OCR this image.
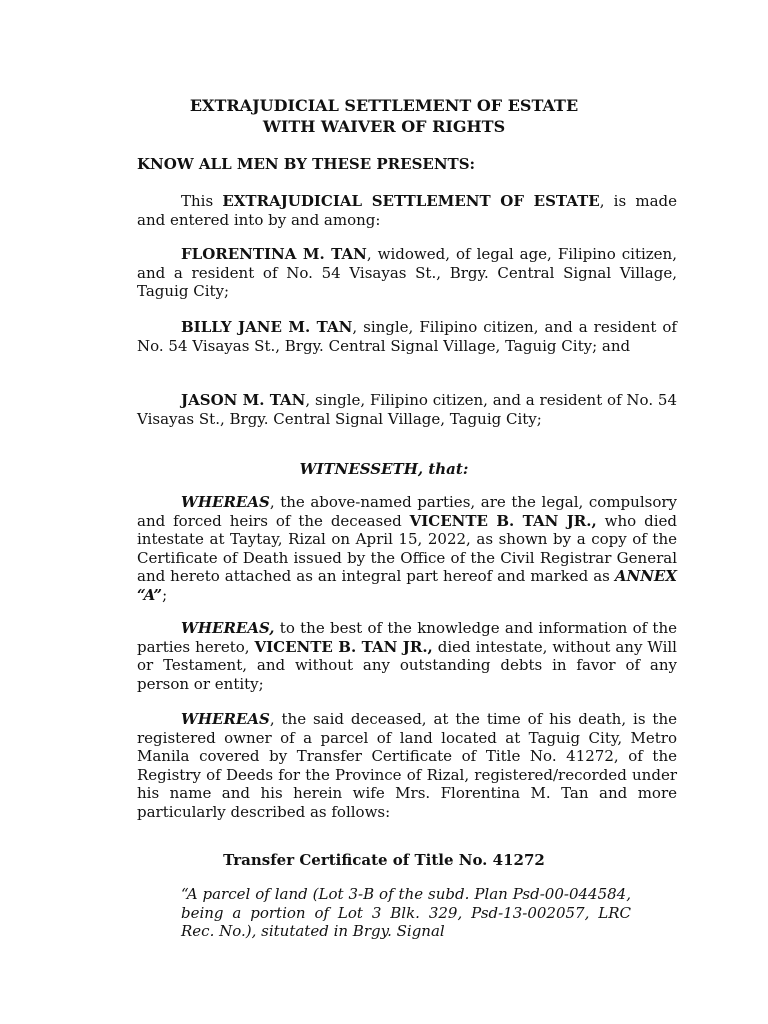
EXTRAJUDICIAL SETTLEMENT OF ESTATE
WITH WAIVER OF RIGHTS
KNOW ALL MEN BY THESE PRESENTS:
This EXTRAJUDICIAL SETTLEMENT OF ESTATE, is made and entered into by and among:
FLORENTINA M. TAN, widowed, of legal age, Filipino citizen, and a resident of No. 54 Visayas St., Brgy. Central Signal Village, Taguig City;
BILLY JANE M. TAN, single, Filipino citizen, and a resident of No. 54 Visayas St., Brgy. Central Signal Village, Taguig City; and
JASON M. TAN, single, Filipino citizen, and a resident of No. 54 Visayas St., Brgy. Central Signal Village, Taguig City;
WITNESSETH, that:
WHEREAS, the above-named parties, are the legal, compulsory and forced heirs of the deceased VICENTE B. TAN JR., who died intestate at Taytay, Rizal on April 15, 2022, as shown by a copy of the Certificate of Death issued by the Office of the Civil Registrar General and hereto attached as an integral part hereof and marked as ANNEX “A”;
WHEREAS, to the best of the knowledge and information of the parties hereto, VICENTE B. TAN JR., died intestate, without any Will or Testament, and without any outstanding debts in favor of any person or entity;
WHEREAS, the said deceased, at the time of his death, is the registered owner of a parcel of land located at Taguig City, Metro Manila covered by Transfer Certificate of Title No. 41272, of the Registry of Deeds for the Province of Rizal, registered/recorded under his name and his herein wife Mrs. Florentina M. Tan and more particularly described as follows:
Transfer Certificate of Title No. 41272
“A parcel of land (Lot 3-B of the subd. Plan Psd-00-044584, being a portion of Lot 3 Blk. 329, Psd-13-002057, LRC Rec. No.), situtated in Brgy. Signal
